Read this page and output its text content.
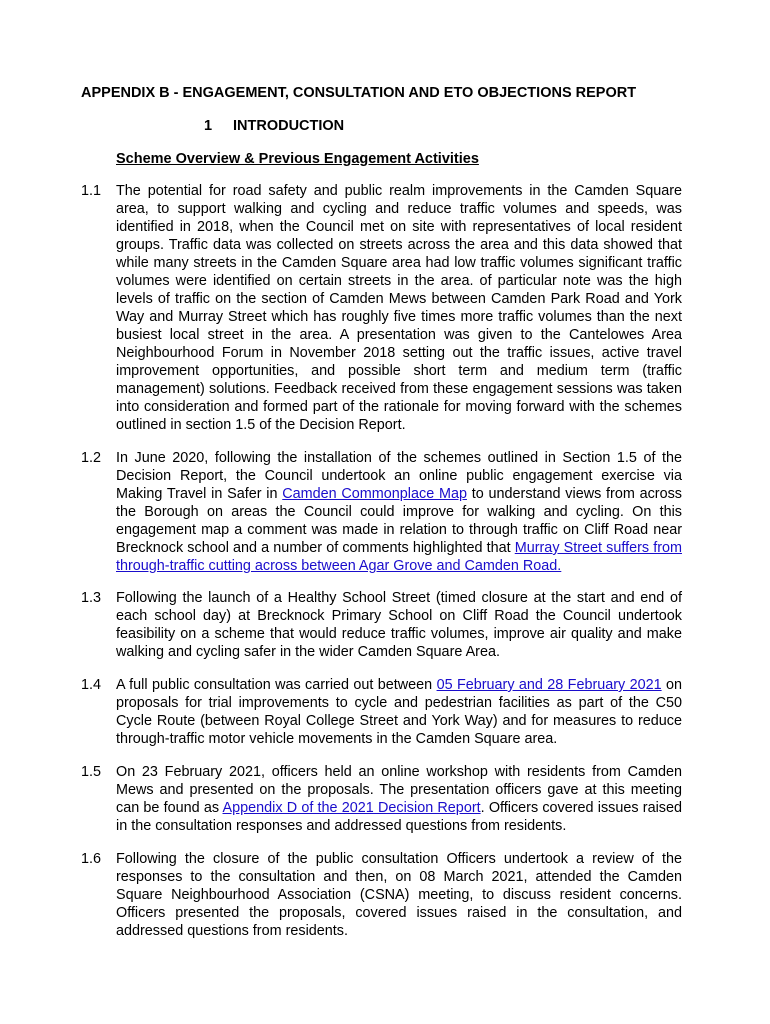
APPENDIX B - ENGAGEMENT, CONSULTATION AND ETO OBJECTIONS REPORT
1 INTRODUCTION
Scheme Overview & Previous Engagement Activities
1.1 The potential for road safety and public realm improvements in the Camden Square area, to support walking and cycling and reduce traffic volumes and speeds, was identified in 2018, when the Council met on site with representatives of local resident groups. Traffic data was collected on streets across the area and this data showed that while many streets in the Camden Square area had low traffic volumes significant traffic volumes were identified on certain streets in the area. of particular note was the high levels of traffic on the section of Camden Mews between Camden Park Road and York Way and Murray Street which has roughly five times more traffic volumes than the next busiest local street in the area. A presentation was given to the Cantelowes Area Neighbourhood Forum in November 2018 setting out the traffic issues, active travel improvement opportunities, and possible short term and medium term (traffic management) solutions. Feedback received from these engagement sessions was taken into consideration and formed part of the rationale for moving forward with the schemes outlined in section 1.5 of the Decision Report.
1.2 In June 2020, following the installation of the schemes outlined in Section 1.5 of the Decision Report, the Council undertook an online public engagement exercise via Making Travel in Safer in Camden Commonplace Map to understand views from across the Borough on areas the Council could improve for walking and cycling. On this engagement map a comment was made in relation to through traffic on Cliff Road near Brecknock school and a number of comments highlighted that Murray Street suffers from through-traffic cutting across between Agar Grove and Camden Road.
1.3 Following the launch of a Healthy School Street (timed closure at the start and end of each school day) at Brecknock Primary School on Cliff Road the Council undertook feasibility on a scheme that would reduce traffic volumes, improve air quality and make walking and cycling safer in the wider Camden Square Area.
1.4 A full public consultation was carried out between 05 February and 28 February 2021 on proposals for trial improvements to cycle and pedestrian facilities as part of the C50 Cycle Route (between Royal College Street and York Way) and for measures to reduce through-traffic motor vehicle movements in the Camden Square area.
1.5 On 23 February 2021, officers held an online workshop with residents from Camden Mews and presented on the proposals. The presentation officers gave at this meeting can be found as Appendix D of the 2021 Decision Report. Officers covered issues raised in the consultation responses and addressed questions from residents.
1.6 Following the closure of the public consultation Officers undertook a review of the responses to the consultation and then, on 08 March 2021, attended the Camden Square Neighbourhood Association (CSNA) meeting, to discuss resident concerns. Officers presented the proposals, covered issues raised in the consultation, and addressed questions from residents.
